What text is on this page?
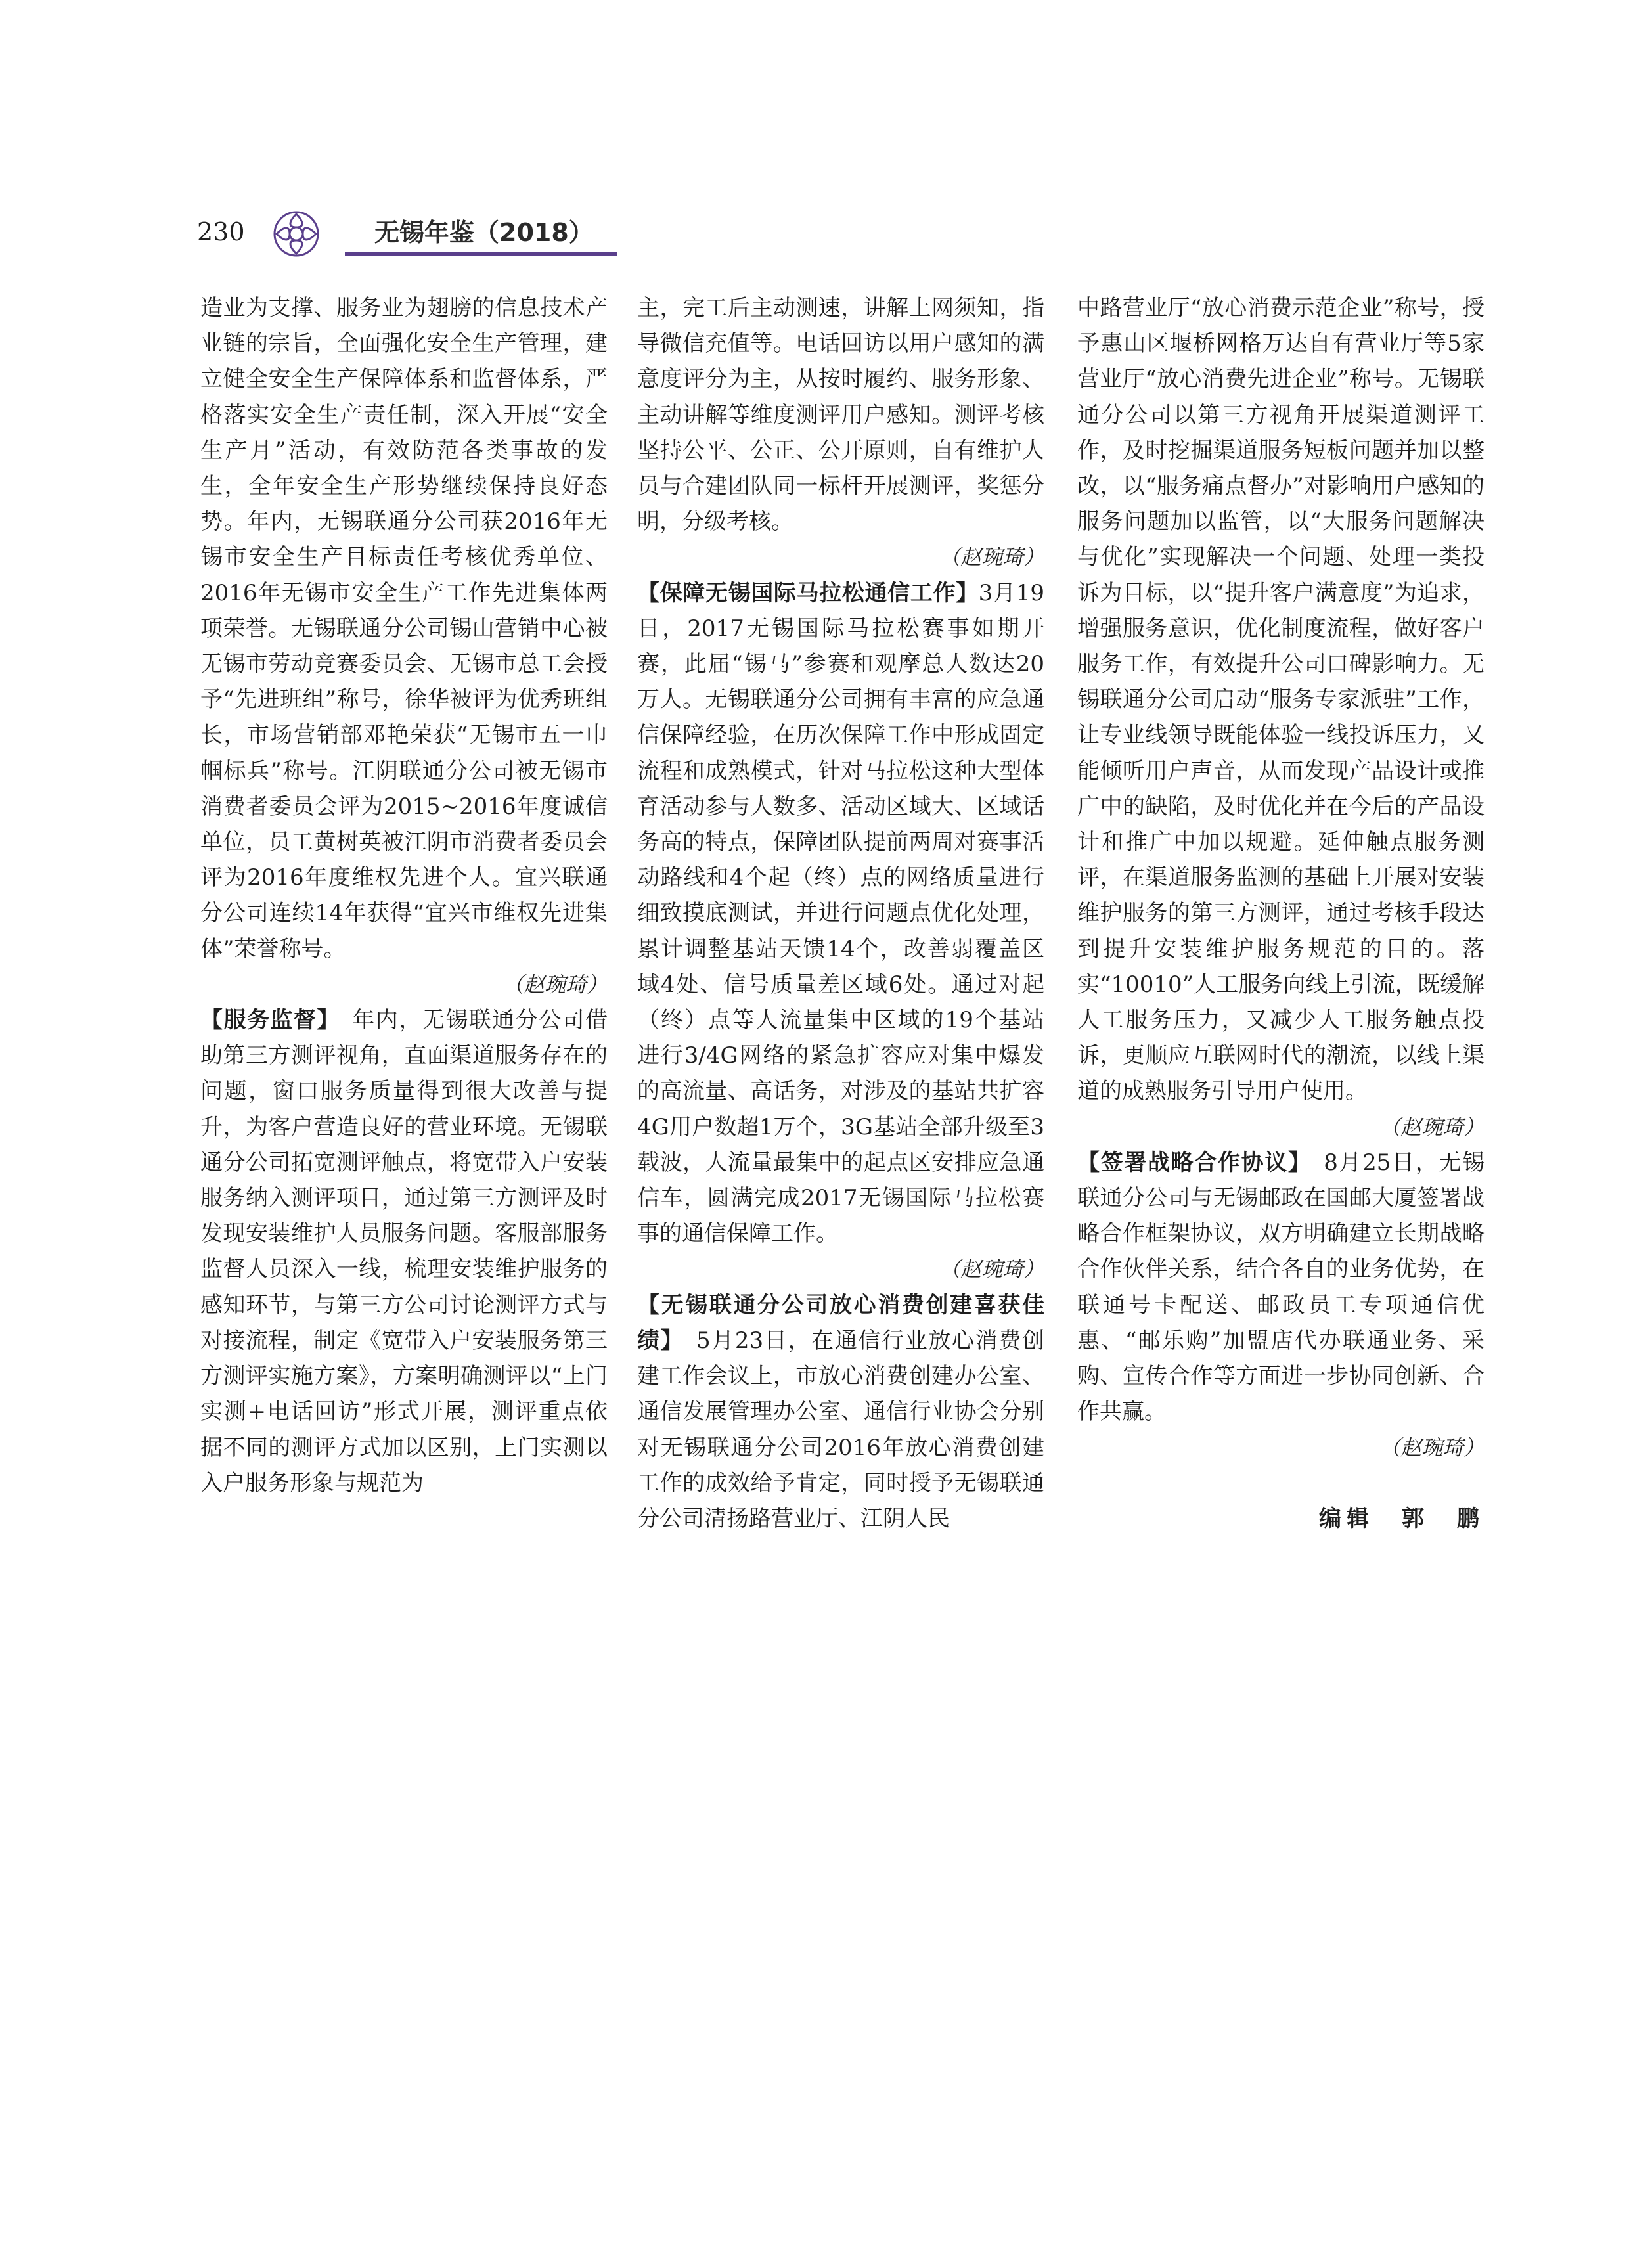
230	无锡年鉴（2018）

造业为支撑、服务业为翅膀的信息技术产业链的宗旨，全面强化安全生产管理，建立健全安全生产保障体系和监督体系，严格落实安全生产责任制，深入开展“安全生产月”活动，有效防范各类事故的发生，全年安全生产形势继续保持良好态势。年内，无锡联通分公司获2016年无锡市安全生产目标责任考核优秀单位、2016年无锡市安全生产工作先进集体两项荣誉。无锡联通分公司锡山营销中心被无锡市劳动竞赛委员会、无锡市总工会授予“先进班组”称号，徐华被评为优秀班组长，市场营销部邓艳荣获“无锡市五一巾帼标兵”称号。江阴联通分公司被无锡市消费者委员会评为2015~2016年度诚信单位，员工黄树英被江阴市消费者委员会评为2016年度维权先进个人。宜兴联通分公司连续14年获得“宜兴市维权先进集体”荣誉称号。

（赵琬琦）

【服务监督】　 年内，无锡联通分公司借助第三方测评视角，直面渠道服务存在的问题，窗口服务质量得到很大改善与提升，为客户营造良好的营业环境。无锡联通分公司拓宽测评触点，将宽带入户安装服务纳入测评项目，通过第三方测评及时发现安装维护人员服务问题。客服部服务监督人员深入一线，梳理安装维护服务的感知环节，与第三方公司讨论测评方式与对接流程，制定《宽带入户安装服务第三方测评实施方案》，方案明确测评以“上门实测+电话回访”形式开展，测评重点依据不同的测评方式加以区别，上门实测以入户服务形象与规范为

主，完工后主动测速，讲解上网须知，指导微信充值等。电话回访以用户感知的满意度评分为主，从按时履约、服务形象、主动讲解等维度测评用户感知。测评考核坚持公平、公正、公开原则，自有维护人员与合建团队同一标杆开展测评，奖惩分明，分级考核。

（赵琬琦）

【保障无锡国际马拉松通信工作】3月19日，2017无锡国际马拉松赛事如期开赛，此届“锡马”参赛和观摩总人数达20万人。无锡联通分公司拥有丰富的应急通信保障经验，在历次保障工作中形成固定流程和成熟模式，针对马拉松这种大型体育活动参与人数多、活动区域大、区域话务高的特点，保障团队提前两周对赛事活动路线和4个起（终）点的网络质量进行细致摸底测试，并进行问题点优化处理，累计调整基站天馈14个，改善弱覆盖区域4处、信号质量差区域6处。通过对起（终）点等人流量集中区域的19个基站进行3/4G网络的紧急扩容应对集中爆发的高流量、高话务，对涉及的基站共扩容4G用户数超1万个，3G基站全部升级至3载波，人流量最集中的起点区安排应急通信车，圆满完成2017无锡国际马拉松赛事的通信保障工作。

（赵琬琦）

【无锡联通分公司放心消费创建喜获佳绩】　 5月23日，在通信行业放心消费创建工作会议上，市放心消费创建办公室、通信发展管理办公室、通信行业协会分别对无锡联通分公司2016年放心消费创建工作的成效给予肯定，同时授予无锡联通分公司清扬路营业厅、江阴人民

中路营业厅“放心消费示范企业”称号，授予惠山区堰桥网格万达自有营业厅等5家营业厅“放心消费先进企业”称号。无锡联通分公司以第三方视角开展渠道测评工作，及时挖掘渠道服务短板问题并加以整改，以“服务痛点督办”对影响用户感知的服务问题加以监管，以“大服务问题解决与优化”实现解决一个问题、处理一类投诉为目标，以“提升客户满意度”为追求，增强服务意识，优化制度流程，做好客户服务工作，有效提升公司口碑影响力。无锡联通分公司启动“服务专家派驻”工作，让专业线领导既能体验一线投诉压力，又能倾听用户声音，从而发现产品设计或推广中的缺陷，及时优化并在今后的产品设计和推广中加以规避。延伸触点服务测评，在渠道服务监测的基础上开展对安装维护服务的第三方测评，通过考核手段达到提升安装维护服务规范的目的。落实“10010”人工服务向线上引流，既缓解人工服务压力，又减少人工服务触点投诉，更顺应互联网时代的潮流，以线上渠道的成熟服务引导用户使用。

（赵琬琦）

【签署战略合作协议】　 8月25日，无锡联通分公司与无锡邮政在国邮大厦签署战略合作框架协议，双方明确建立长期战略合作伙伴关系，结合各自的业务优势，在联通号卡配送、邮政员工专项通信优惠、“邮乐购”加盟店代办联通业务、采购、宣传合作等方面进一步协同创新、合作共赢。

（赵琬琦）

编辑　郭　鹏
